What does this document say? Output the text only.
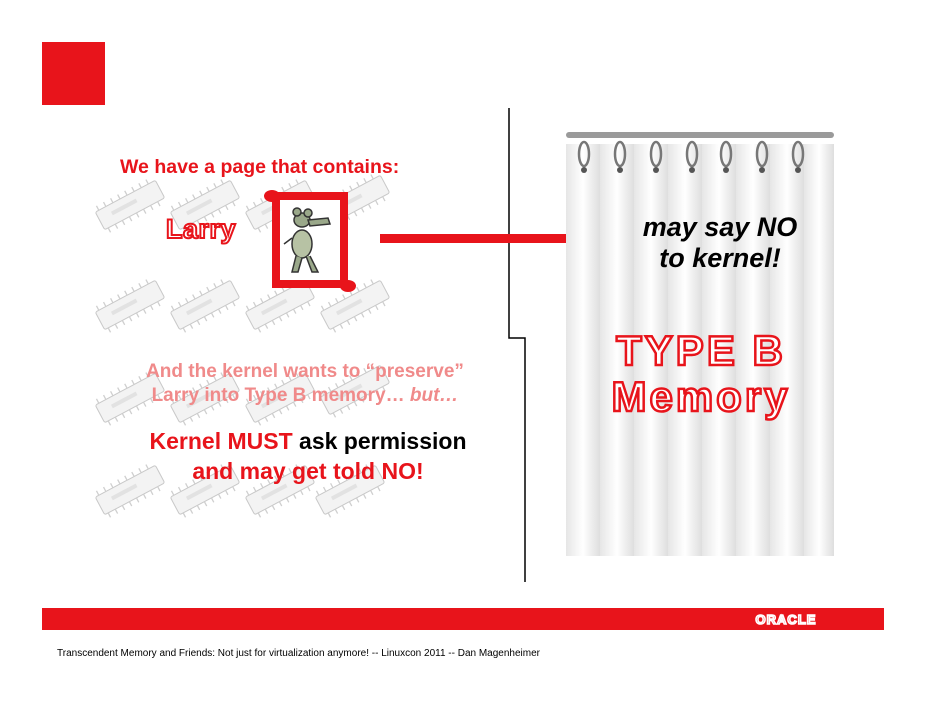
We have a page that contains:
Larry	may say NO
to kernel!
TYPE B
Memory
And the kernel wants to “preserve”
Larry into Type B memory… but…
Kernel MUST ask permission
and may get told NO!
ORACLE
Transcendent Memory and Friends: Not just for virtualization anymore! -- Linuxcon 2011 -- Dan Magenheimer
